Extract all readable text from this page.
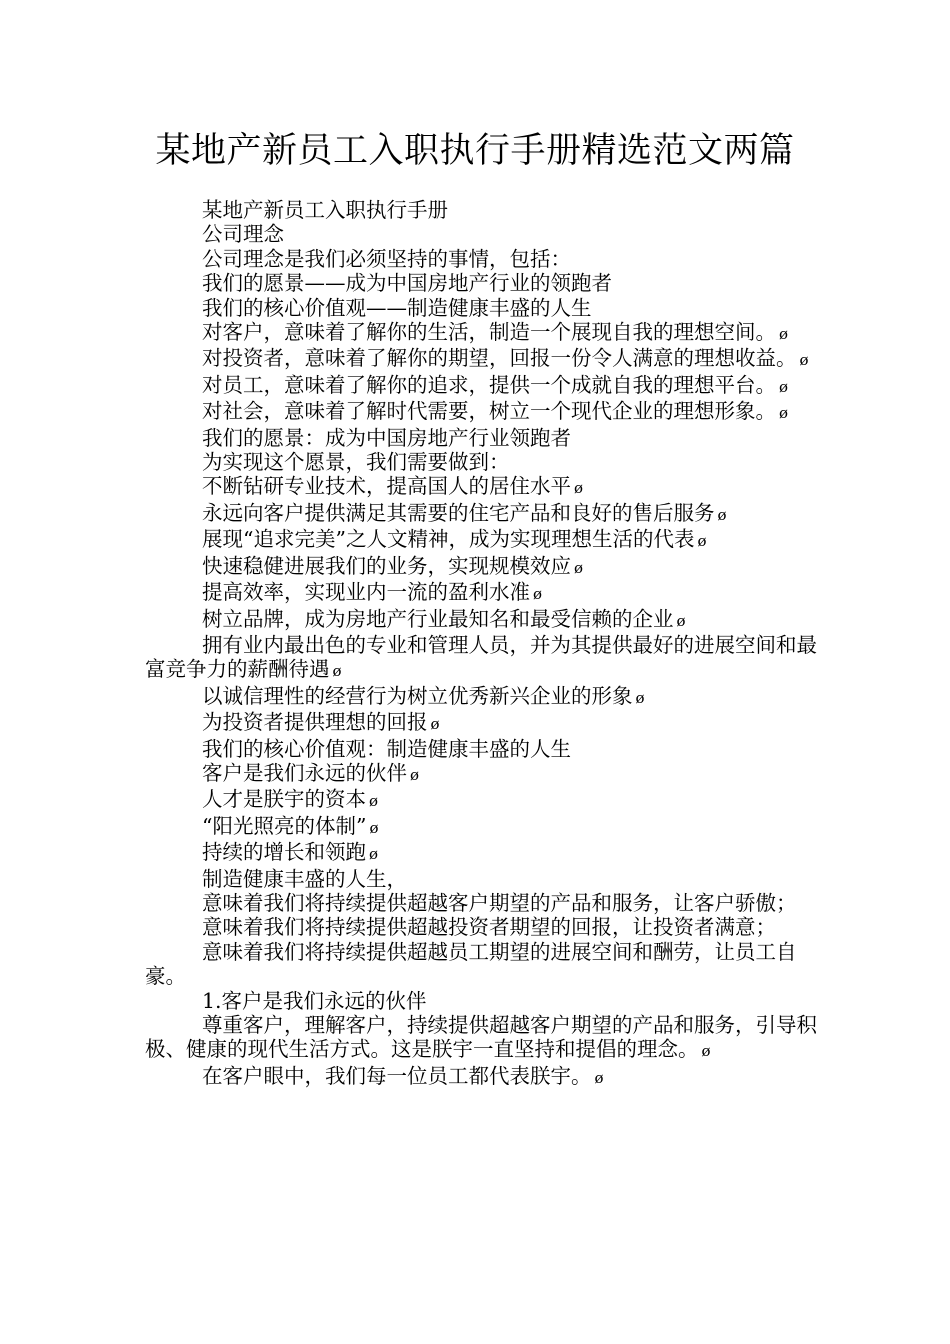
某地产新员工入职执行手册精选范文两篇

某地产新员工入职执行手册

公司理念

公司理念是我们必须坚持的事情，包括：

我们的愿景——成为中国房地产行业的领跑者

我们的核心价值观——制造健康丰盛的人生

对客户，意味着了解你的生活，制造一个展现自我的理想空间。 ø

对投资者，意味着了解你的期望，回报一份令人满意的理想收益。 ø

对员工，意味着了解你的追求，提供一个成就自我的理想平台。 ø

对社会，意味着了解时代需要，树立一个现代企业的理想形象。 ø

我们的愿景：成为中国房地产行业领跑者

为实现这个愿景，我们需要做到：

不断钻研专业技术，提高国人的居住水平 ø

永远向客户提供满足其需要的住宅产品和良好的售后服务 ø

展现“追求完美”之人文精神，成为实现理想生活的代表 ø

快速稳健进展我们的业务，实现规模效应 ø

提高效率，实现业内一流的盈利水准 ø

树立品牌，成为房地产行业最知名和最受信赖的企业 ø

拥有业内最出色的专业和管理人员，并为其提供最好的进展空间和最富竞争力的薪酬待遇 ø

以诚信理性的经营行为树立优秀新兴企业的形象 ø

为投资者提供理想的回报 ø

我们的核心价值观：制造健康丰盛的人生

客户是我们永远的伙伴 ø

人才是朕宇的资本 ø

“阳光照亮的体制” ø

持续的增长和领跑 ø

制造健康丰盛的人生，

意味着我们将持续提供超越客户期望的产品和服务，让客户骄傲；

意味着我们将持续提供超越投资者期望的回报，让投资者满意；

意味着我们将持续提供超越员工期望的进展空间和酬劳，让员工自豪。

1.客户是我们永远的伙伴

尊重客户，理解客户，持续提供超越客户期望的产品和服务，引导积极、健康的现代生活方式。这是朕宇一直坚持和提倡的理念。 ø

在客户眼中，我们每一位员工都代表朕宇。 ø
